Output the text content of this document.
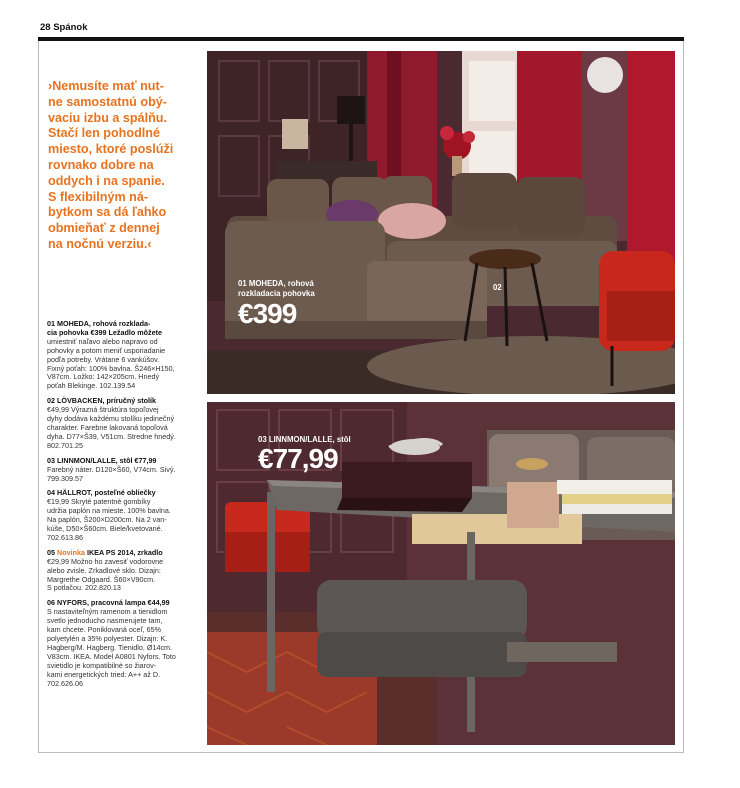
28 Spánok
›Nemusíte mať nut-
ne samostatnú obý-
vaciu izbu a spálňu.
Stačí len pohodlné
miesto, ktoré poslúži
rovnako dobre na
oddych i na spanie.
S flexibilným ná-
bytkom sa dá ľahko
obmieňať z dennej
na nočnú verziu.‹
01 MOHEDA, rohová rozklada-
cia pohovka €399 Ležadlo môžete
umiestniť naľavo alebo napravo od
pohovky a potom meniť usporiadanie
podľa potreby. Vrátane 6 vankúšov.
Fixný poťah: 100% bavlna. Š246×H150,
V87cm. Ložko: 142×205cm. Hnedý
poťah Blekinge. 102.139.54
02 LÖVBACKEN, príručný stolík
€49,99 Výrazná štruktúra topoľovej
dyhy dodáva každému stolíku jedinečný
charakter. Farebne lakovaná topoľová
dyha. D77×Š39, V51cm. Stredne hnedý.
802.701.25
03 LINNMON/LALLE, stôl €77,99
Farebný náter. D120×Š60, V74cm. Sivý.
799.309.57
04 HÄLLROT, posteľné obliečky
€19,99 Skryté patentné gombíky
udržia paplón na mieste. 100% bavlna.
Na paplón, Š200×D200cm. Na 2 van-
kúše, D50×Š60cm. Biele/kvetované.
702.613.86
05 Novinka IKEA PS 2014, zrkadlo
€29,99 Možno ho zavesiť vodorovne
alebo zvisle. Zrkadlové sklo. Dizajn:
Margrethe Odgaard. Š60×V90cm.
S potlačou. 202.820.13
06 NYFORS, pracovná lampa €44,99
S nastaviteľným ramenom a tienidlom
svetlo jednoducho nasmerujete tam,
kam chcete. Poniklovaná oceľ, 65%
polyetylén a 35% polyester. Dizajn: K.
Hagberg/M. Hagberg. Tienidlo, Ø14cm.
V83cm. IKEA. Model A0801 Nyfors. Toto
svietidlo je kompatibilné so žiarov-
kami energetických tried: A++ až D.
702.626.06
01 MOHEDA, rohová
rozkladacia pohovka
€399
02
03 LINNMON/LALLE, stôl
€77,99
